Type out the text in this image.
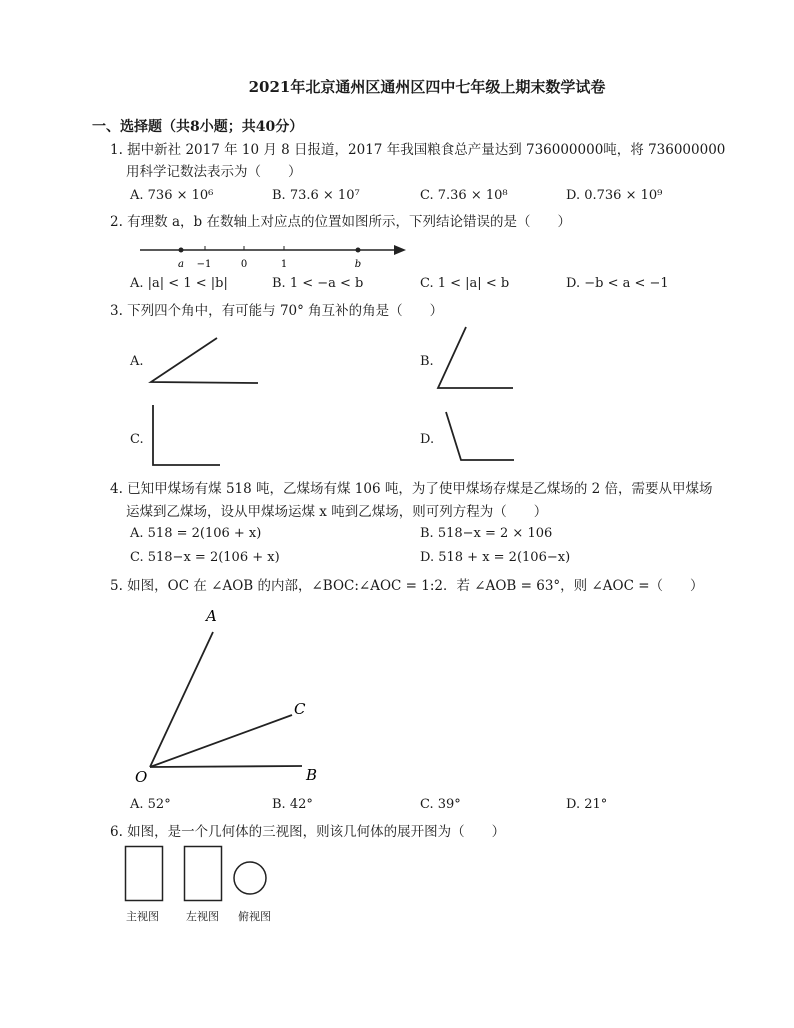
2021年北京通州区通州区四中七年级上期末数学试卷
一、选择题（共8小题；共40分）
1. 据中新社 2017 年 10 月 8 日报道，2017 年我国粮食总产量达到 736000000吨，将 736000000
用科学记数法表示为（　　）
A. 736 × 10⁶	B. 73.6 × 10⁷	C. 7.36 × 10⁸	D. 0.736 × 10⁹
2. 有理数 a，b 在数轴上对应点的位置如图所示，下列结论错误的是（　　）
a −1	0	1	b
A. |a| < 1 < |b|	B. 1 < −a < b	C. 1 < |a| < b	D. −b < a < −1
3. 下列四个角中，有可能与 70° 角互补的角是（　　）
A.	B.
C.	D.
4. 已知甲煤场有煤 518 吨，乙煤场有煤 106 吨，为了使甲煤场存煤是乙煤场的 2 倍，需要从甲煤场
运煤到乙煤场，设从甲煤场运煤 x 吨到乙煤场，则可列方程为（　　）
A. 518 = 2(106 + x)	B. 518−x = 2 × 106
C. 518−x = 2(106 + x)	D. 518 + x = 2(106−x)
5. 如图，OC 在 ∠AOB 的内部，∠BOC:∠AOC = 1:2．若 ∠AOB = 63°，则 ∠AOC =（　　）
A
C
O	B
A. 52°	B. 42°	C. 39°	D. 21°
6. 如图，是一个几何体的三视图，则该几何体的展开图为（　　）
主视图 左视图 俯视图
